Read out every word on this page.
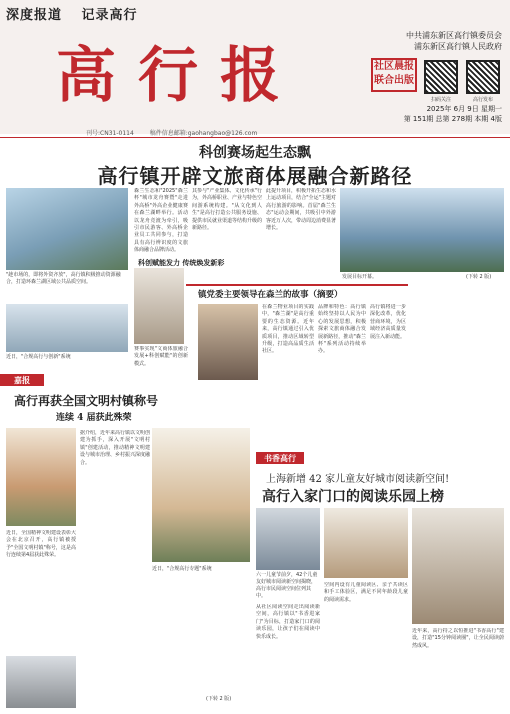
深度报道 记录高行
高行报
中共浦东新区高行镇委员会
浦东新区高行镇人民政府
社区晨报
联合出版
扫码关注	高行发布
2025年 6月 9日 星期一
第 151期 总第 278期 本期 4版
刊号:CN31-0114	稿件信息邮箱:gaohangbao@126.com
科创赛场起生态飘
高行镇开辟文旅商体展融合新路径
"趁市场的，即将外资齐放"，高行镇积极推动资源融合，打造环森兰湖区域公共品质空间。
近日，"合规高行与创新"系统
森兰生态和"2025"森兰杯"城市龙舟赛暨"走进外高桥"外高企业健康赛在森兰湖畔举行。活动以龙舟竞渡为牵引，吸引市民游客、外高桥企业员工共同参与，打造具有高行辨识度的文旅体商融合品牌活动。
科创赋能发力 传统焕发新彩
赛事实现"文商体旅融合发展+科创赋能"的创新模式。
其参与"产业集体、文化传承"行为，外高桥职业、产业与特色空间游系统构建。"从文化到人生"是高行打造公共服务设施、提供市民就业渠道等结构升级的新路径。
此提升项目，积极开拓生态和水上运动项目，结合"全运"主题对高行旅游的影响。首届"森兰生态"运动会期间，共吸引中外游客近万人次，带动周边消费显著增长。
发展目标开幕。	(下转 2 版)
镇党委主要领导在森兰的故事（摘要）
在森兰物业项目的实践中，"森兰湖"是高行重要的生态资源。近年来，高行镇通过引入优质项目，推动区域转型升级，打造高品质生活社区。
品牌和特色：高行镇始终坚持以人民为中心的发展思想，积极探索文旅商体融合发展新路径，推动"森兰杯"系列活动持续举办。
高行镇将进一步深化改革，优化营商环境，为区域经济高质量发展注入新动能。
嘉报
高行再获全国文明村镇称号
连续 4 届获此殊荣
近日，全国精神文明建设表彰大会在北京召开，高行镇被授予"全国文明村镇"称号，这是高行连续第4届获此殊荣。
据介绍，近年来高行镇以文明创建为抓手，深入开展"文明村镇"创建活动，推动精神文明建设与城市治理、乡村振兴深度融合。
近日，"合规高行专题"系统
(下转 2 版)
书香高行
上海新增 42 家儿童友好城市阅读新空间!
高行入家门口的阅读乐园上榜
六一儿童节前夕，42个儿童友好城市阅读新空间揭晓，高行市民阅读空间位列其中。
从社区阅读空间走出阅读新空间，高行镇以"书香进家门"为目标，打造家门口的阅读乐园，让孩子们在阅读中快乐成长。
空间内设有儿童阅读区、亲子共读区和手工体验区，满足不同年龄段儿童的阅读需求。
近年来，高行持之以恒推进"书香高行"建设，打造"15分钟阅读圈"，让全民阅读蔚然成风。
